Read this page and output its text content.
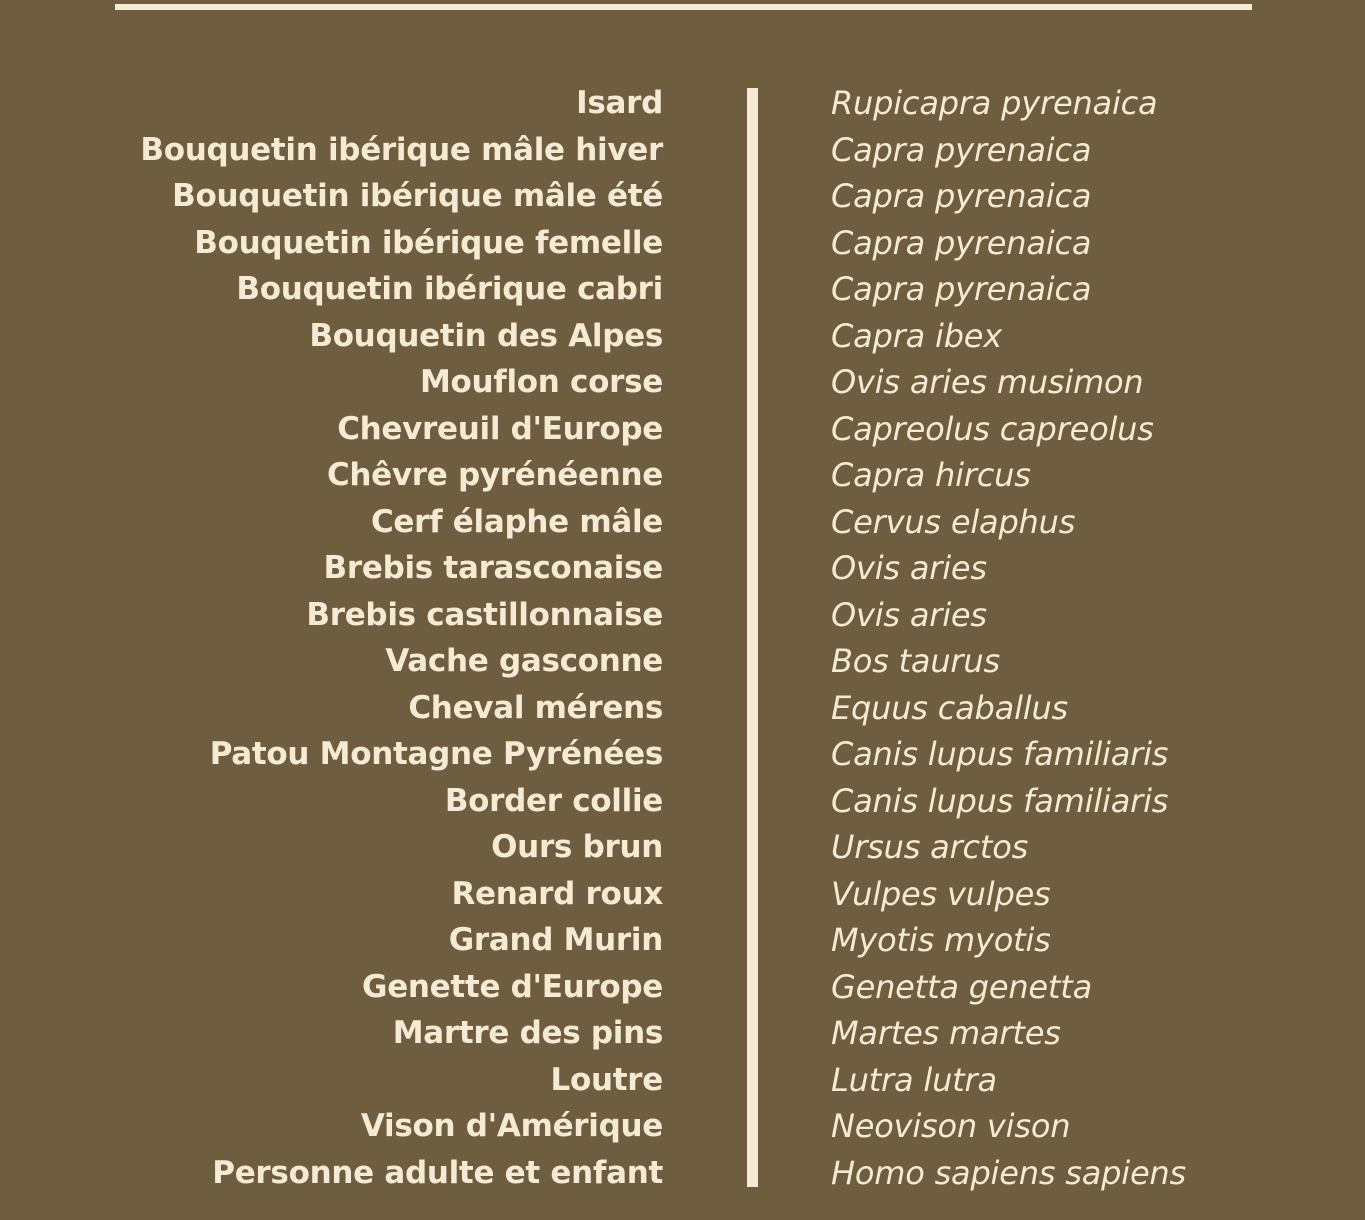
Isard
Bouquetin ibérique mâle hiver
Bouquetin ibérique mâle été
Bouquetin ibérique femelle
Bouquetin ibérique cabri
Bouquetin des Alpes
Mouflon corse
Chevreuil d'Europe
Chêvre pyrénéenne
Cerf élaphe mâle
Brebis tarasconaise
Brebis castillonnaise
Vache gasconne
Cheval mérens
Patou Montagne Pyrénées
Border collie
Ours brun
Renard roux
Grand Murin
Genette d'Europe
Martre des pins
Loutre
Vison d'Amérique
Personne adulte et enfant
Rupicapra pyrenaica
Capra pyrenaica
Capra pyrenaica
Capra pyrenaica
Capra pyrenaica
Capra ibex
Ovis aries musimon
Capreolus capreolus
Capra hircus
Cervus elaphus
Ovis aries
Ovis aries
Bos taurus
Equus caballus
Canis lupus familiaris
Canis lupus familiaris
Ursus arctos
Vulpes vulpes
Myotis myotis
Genetta genetta
Martes martes
Lutra lutra
Neovison vison
Homo sapiens sapiens
